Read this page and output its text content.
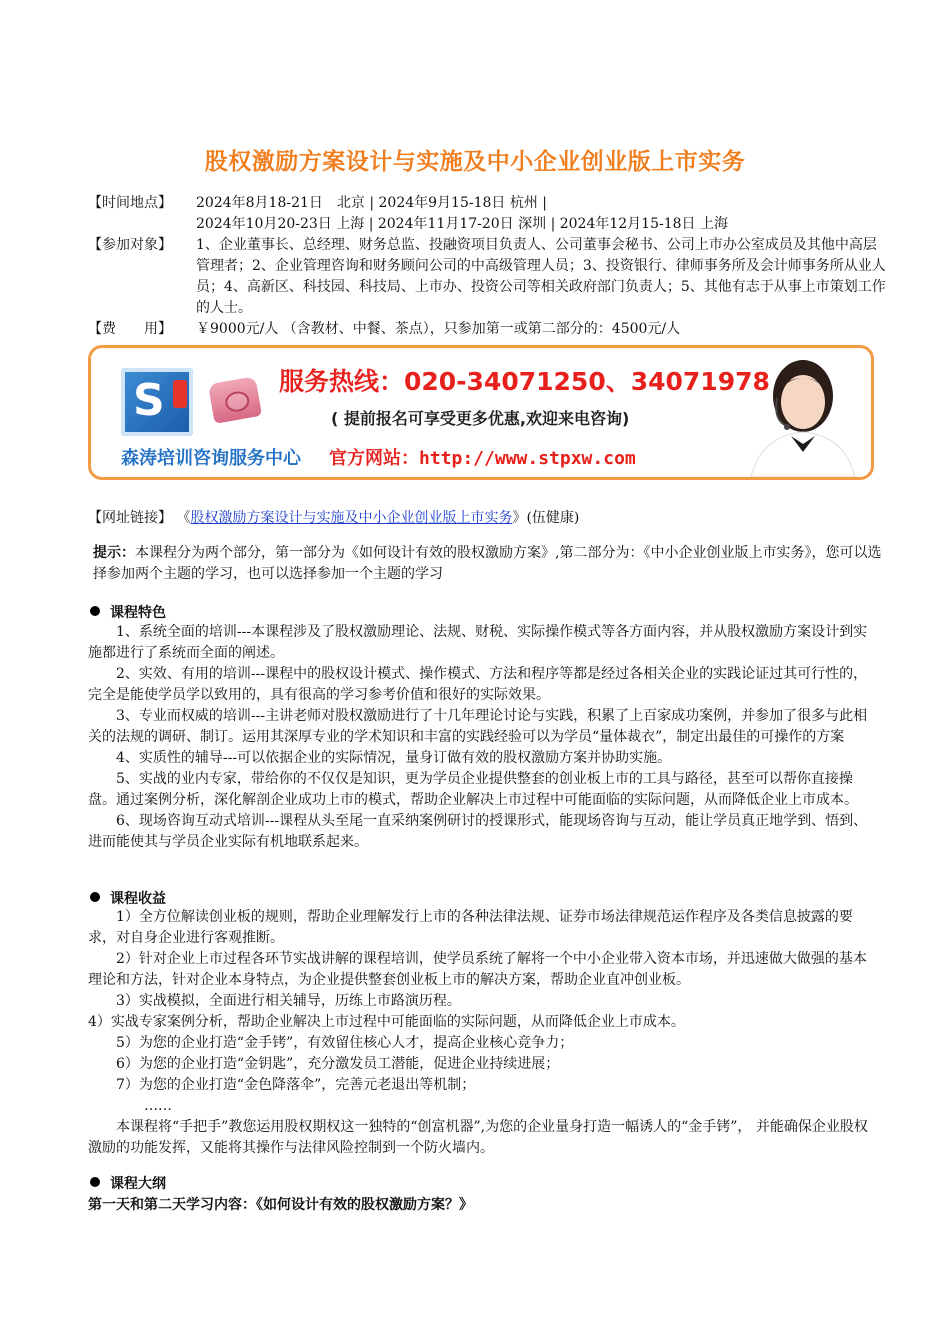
股权激励方案设计与实施及中小企业创业版上市实务
【时间地点】	2024年8月18-21日　北京 | 2024年9月15-18日 杭州 |
2024年10月20-23日 上海 | 2024年11月17-20日 深圳 | 2024年12月15-18日 上海
【参加对象】	1、企业董事长、总经理、财务总监、投融资项目负责人、公司董事会秘书、公司上市办公室成员及其他中高层管理者；2、企业管理咨询和财务顾问公司的中高级管理人员；3、投资银行、律师事务所及会计师事务所从业人员；4、高新区、科技园、科技局、上市办、投资公司等相关政府部门负责人；5、其他有志于从事上市策划工作的人士。
【费　　用】	￥9000元/人 （含教材、中餐、茶点），只参加第一或第二部分的：4500元/人
S	服务热线：020-34071250、34071978
( 提前报名可享受更多优惠,欢迎来电咨询)
森涛培训咨询服务中心 官方网站：http://www.stpxw.com
【网址链接】 《股权激励方案设计与实施及中小企业创业版上市实务》(伍健康)
提示：本课程分为两个部分，第一部分为《如何设计有效的股权激励方案》,第二部分为：《中小企业创业版上市实务》，您可以选择参加两个主题的学习，也可以选择参加一个主题的学习
课程特色

1、系统全面的培训---本课程涉及了股权激励理论、法规、财税、实际操作模式等各方面内容，并从股权激励方案设计到实施都进行了系统而全面的阐述。

2、实效、有用的培训---课程中的股权设计模式、操作模式、方法和程序等都是经过各相关企业的实践论证过其可行性的，完全是能使学员学以致用的，具有很高的学习参考价值和很好的实际效果。

3、专业而权威的培训---主讲老师对股权激励进行了十几年理论讨论与实践，积累了上百家成功案例，并参加了很多与此相关的法规的调研、制订。运用其深厚专业的学术知识和丰富的实践经验可以为学员“量体裁衣”，制定出最佳的可操作的方案

4、实质性的辅导---可以依据企业的实际情况，量身订做有效的股权激励方案并协助实施。

5、实战的业内专家，带给你的不仅仅是知识，更为学员企业提供整套的创业板上市的工具与路径，甚至可以帮你直接操盘。通过案例分析，深化解剖企业成功上市的模式，帮助企业解决上市过程中可能面临的实际问题，从而降低企业上市成本。

6、现场咨询互动式培训---课程从头至尾一直采纳案例研讨的授课形式，能现场咨询与互动，能让学员真正地学到、悟到、进而能使其与学员企业实际有机地联系起来。

课程收益

1）全方位解读创业板的规则，帮助企业理解发行上市的各种法律法规、证券市场法律规范运作程序及各类信息披露的要求，对自身企业进行客观推断。

2）针对企业上市过程各环节实战讲解的课程培训，使学员系统了解将一个中小企业带入资本市场，并迅速做大做强的基本理论和方法，针对企业本身特点，为企业提供整套创业板上市的解决方案，帮助企业直冲创业板。

3）实战模拟，全面进行相关辅导，历练上市路演历程。

4）实战专家案例分析，帮助企业解决上市过程中可能面临的实际问题，从而降低企业上市成本。

5）为您的企业打造“金手铐”，有效留住核心人才，提高企业核心竞争力；

6）为您的企业打造“金钥匙”，充分激发员工潜能，促进企业持续进展；

7）为您的企业打造“金色降落伞”，完善元老退出等机制；

……

本课程将“手把手”教您运用股权期权这一独特的“创富机器”,为您的企业量身打造一幅诱人的“金手铐”， 并能确保企业股权激励的功能发挥，又能将其操作与法律风险控制到一个防火墙内。

课程大纲
第一天和第二天学习内容：《如何设计有效的股权激励方案？》
